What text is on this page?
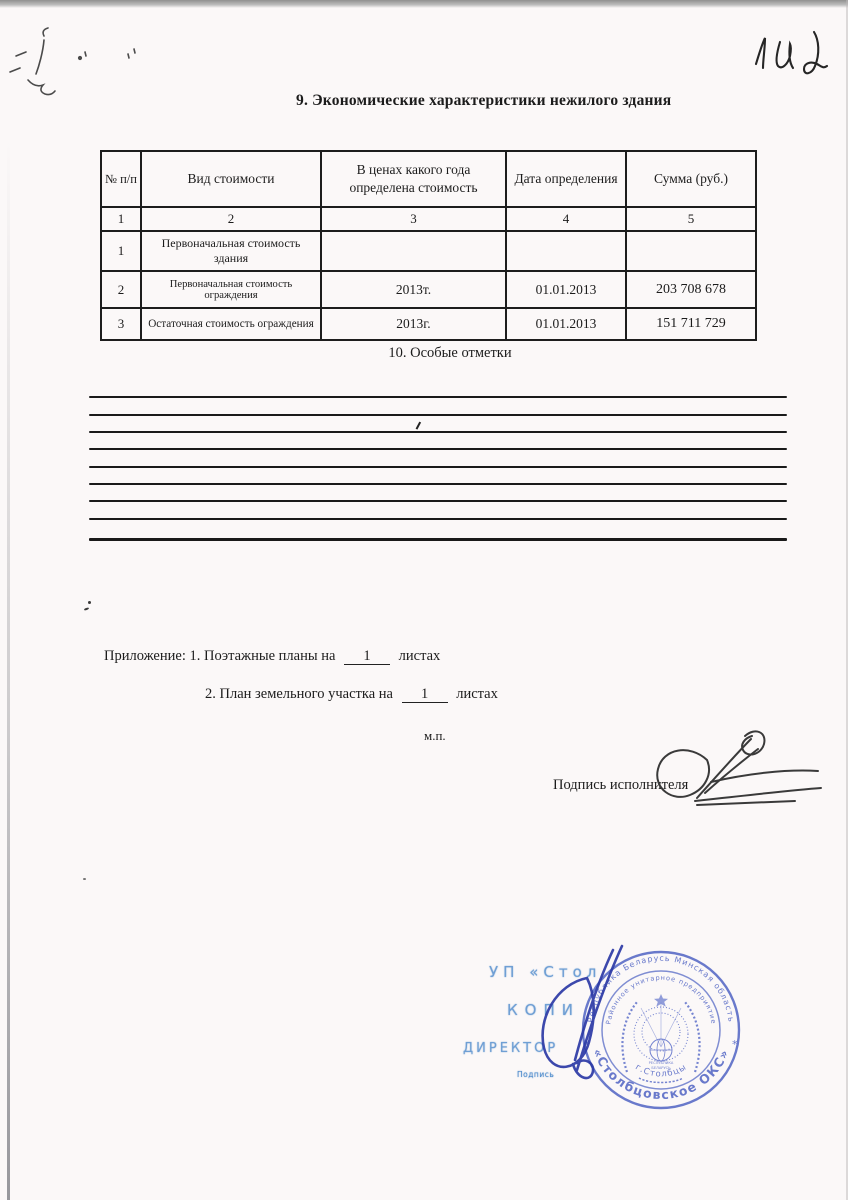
9. Экономические характеристики нежилого здания
№ п/п	Вид стоимости	В ценах какого года определена стоимость	Дата определения	Сумма (руб.)
1	2	3	4	5
1	Первоначальная стоимость здания			
2	Первоначальная стоимость ограждения	2013т.	01.01.2013	203 708 678
3	Остаточная стоимость ограждения	2013г.	01.01.2013	151 711 729
10. Особые отметки
Приложение: 1. Поэтажные планы на 1 листах
2. План земельного участка на 1 листах
м.п.
Подпись исполнителя
УП «Стол
КОПИ
ДИРЕКТОР
Подпись
Республика Беларусь Минская область
Районное унитарное предприятие
«Столбцовское ОКС»
г.Столбцы
*	*
РЕСПУБЛИКА
БЕЛАРУСЬ
